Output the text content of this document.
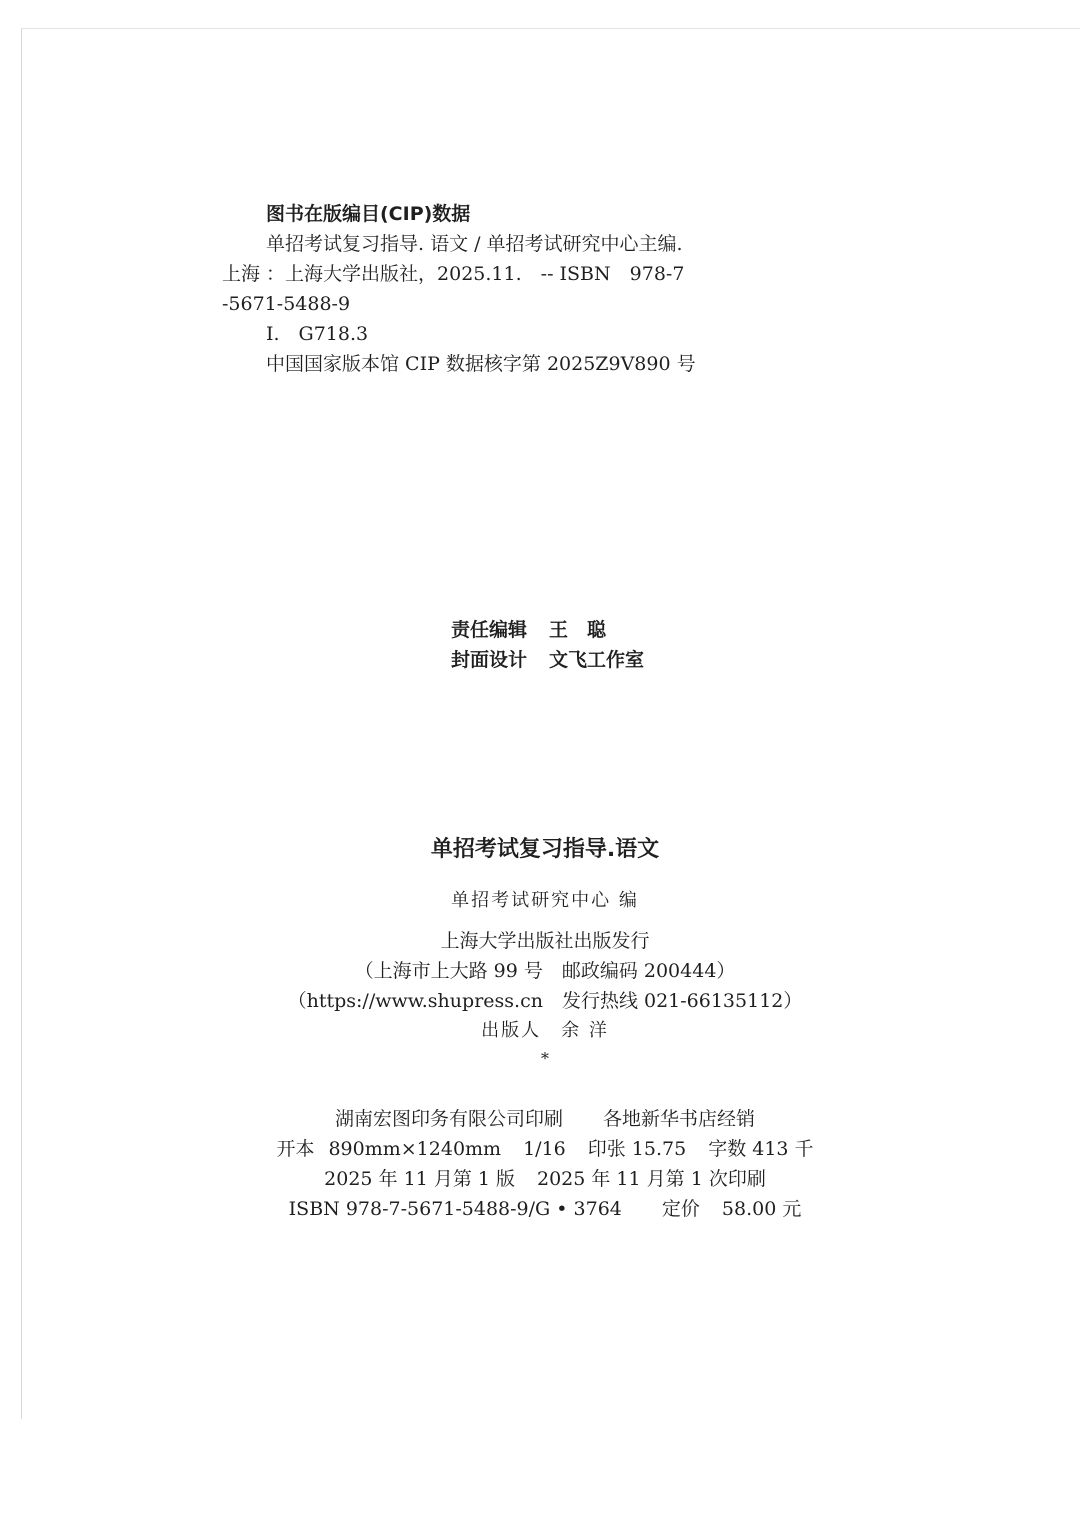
图书在版编目(CIP)数据
单招考试复习指导. 语文 / 单招考试研究中心主编.
上海 ：上海大学出版社，2025.11.　-- ISBN　978-7
-5671-5488-9
Ⅰ.　G718.3
中国国家版本馆 CIP 数据核字第 2025Z9V890 号
责任编辑 王　聪
封面设计 文飞工作室
单招考试复习指导.语文
单招考试研究中心 编
上海大学出版社出版发行
（上海市上大路 99 号　邮政编码 200444）
（https://www.shupress.cn　发行热线 021-66135112）
出版人　余 洋
*
湖南宏图印务有限公司印刷 各地新华书店经销
开本 890mm×1240mm 1/16 印张 15.75 字数 413 千
2025 年 11 月第 1 版 2025 年 11 月第 1 次印刷
ISBN 978-7-5671-5488-9/G • 3764 定价 58.00 元
